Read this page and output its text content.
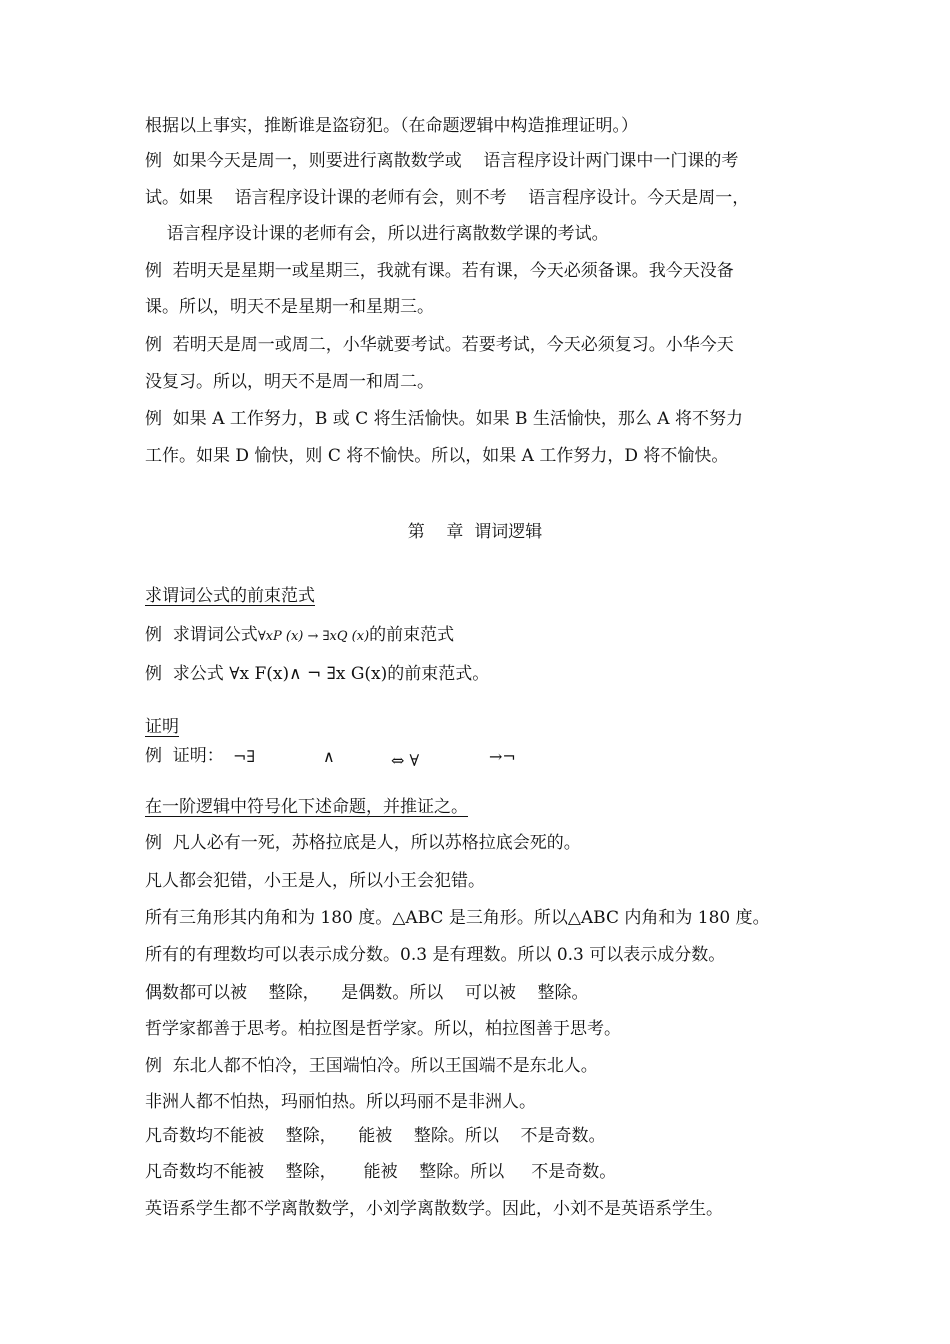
根据以上事实，推断谁是盗窃犯。（在命题逻辑中构造推理证明。）
例  如果今天是周一，则要进行离散数学或    语言程序设计两门课中一门课的考
试。如果    语言程序设计课的老师有会，则不考    语言程序设计。今天是周一，
语言程序设计课的老师有会，所以进行离散数学课的考试。
例  若明天是星期一或星期三，我就有课。若有课，今天必须备课。我今天没备
课。所以，明天不是星期一和星期三。
例  若明天是周一或周二，小华就要考试。若要考试，今天必须复习。小华今天
没复习。所以，明天不是周一和周二。
例  如果 A 工作努力，B 或 C 将生活愉快。如果 B 生活愉快，那么 A 将不努力
工作。如果 D 愉快，则 C 将不愉快。所以，如果 A 工作努力，D 将不愉快。
第    章  谓词逻辑
求谓词公式的前束范式
例  求谓词公式∀xP (x) → ∃xQ (x)的前束范式
例  求公式 ∀x F(x)∧ ¬ ∃x G(x)的前束范式。
证明
例  证明： ¬∃	∧	⇔ ∀	→¬
在一阶逻辑中符号化下述命题，并推证之。
例  凡人必有一死，苏格拉底是人，所以苏格拉底会死的。
凡人都会犯错，小王是人，所以小王会犯错。
所有三角形其内角和为 180 度。△ABC 是三角形。所以△ABC 内角和为 180 度。
所有的有理数均可以表示成分数。0.3 是有理数。所以 0.3 可以表示成分数。
偶数都可以被    整除，    是偶数。所以    可以被    整除。
哲学家都善于思考。柏拉图是哲学家。所以，柏拉图善于思考。
例  东北人都不怕冷，王国端怕冷。所以王国端不是东北人。
非洲人都不怕热，玛丽怕热。所以玛丽不是非洲人。
凡奇数均不能被    整除，    能被    整除。所以    不是奇数。
凡奇数均不能被    整除，     能被    整除。所以     不是奇数。
英语系学生都不学离散数学，小刘学离散数学。因此，小刘不是英语系学生。
